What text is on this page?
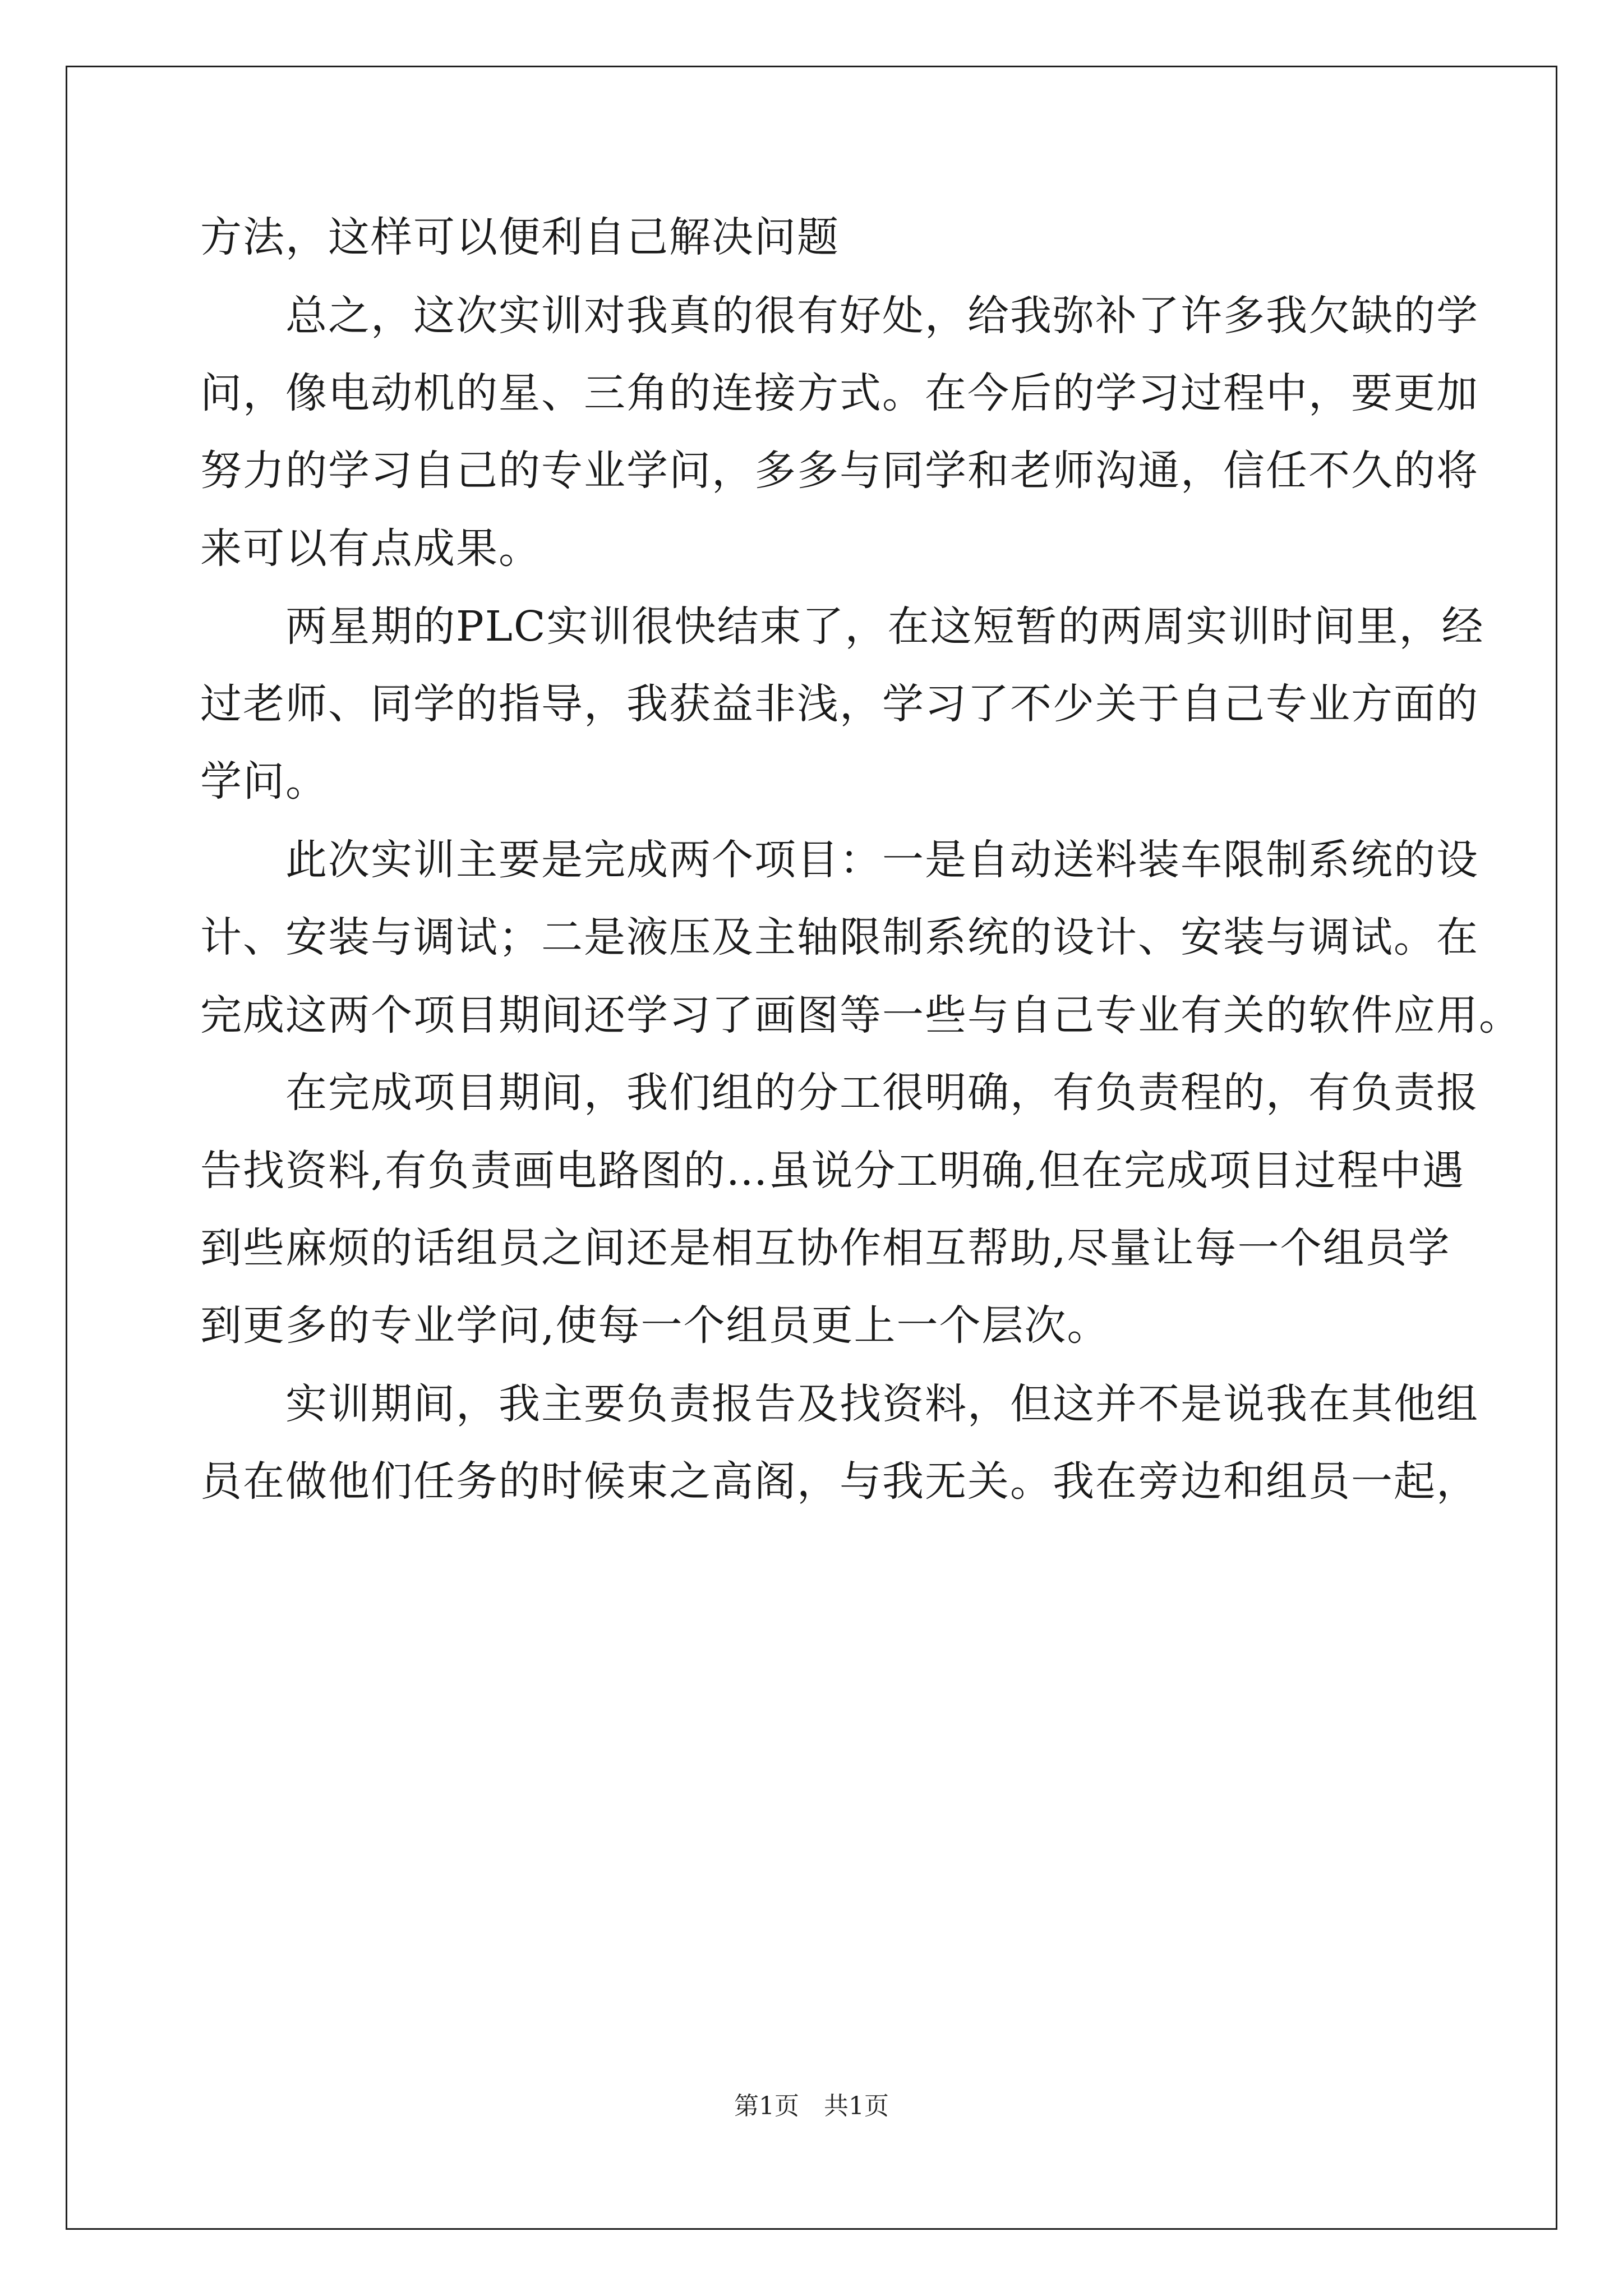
方法，这样可以便利自己解决问题
　　总之，这次实训对我真的很有好处，给我弥补了许多我欠缺的学
问，像电动机的星、三角的连接方式。在今后的学习过程中，要更加
努力的学习自己的专业学问，多多与同学和老师沟通，信任不久的将
来可以有点成果。
　　两星期的PLC实训很快结束了，在这短暂的两周实训时间里，经
过老师、同学的指导，我获益非浅，学习了不少关于自己专业方面的
学问。
　　此次实训主要是完成两个项目：一是自动送料装车限制系统的设
计、安装与调试；二是液压及主轴限制系统的设计、安装与调试。在
完成这两个项目期间还学习了画图等一些与自己专业有关的软件应用。
　　在完成项目期间，我们组的分工很明确，有负责程的，有负责报
告找资料,有负责画电路图的…虽说分工明确,但在完成项目过程中遇
到些麻烦的话组员之间还是相互协作相互帮助,尽量让每一个组员学
到更多的专业学问,使每一个组员更上一个层次。
　　实训期间，我主要负责报告及找资料，但这并不是说我在其他组
员在做他们任务的时候束之高阁，与我无关。我在旁边和组员一起，
第1页　共1页
